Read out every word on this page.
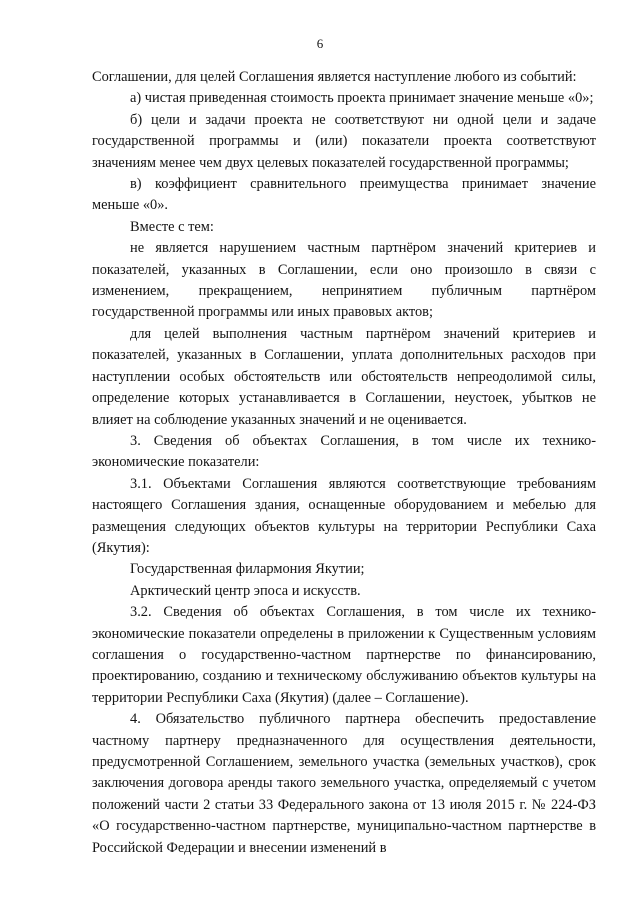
6

Соглашении, для целей Соглашения является наступление любого из событий:

а) чистая приведенная стоимость проекта принимает значение меньше «0»;

б) цели и задачи проекта не соответствуют ни одной цели и задаче государственной программы и (или) показатели проекта соответствуют значениям менее чем двух целевых показателей государственной программы;

в) коэффициент сравнительного преимущества принимает значение меньше «0».

Вместе с тем:

не является нарушением частным партнёром значений критериев и показателей, указанных в Соглашении, если оно произошло в связи с изменением, прекращением, непринятием публичным партнёром государственной программы или иных правовых актов;

для целей выполнения частным партнёром значений критериев и показателей, указанных в Соглашении, уплата дополнительных расходов при наступлении особых обстоятельств или обстоятельств непреодолимой силы, определение которых устанавливается в Соглашении, неустоек, убытков не влияет на соблюдение указанных значений и не оценивается.

3. Сведения об объектах Соглашения, в том числе их технико-экономические показатели:

3.1. Объектами Соглашения являются соответствующие требованиям настоящего Соглашения здания, оснащенные оборудованием и мебелью для размещения следующих объектов культуры на территории Республики Саха (Якутия):

Государственная филармония Якутии;

Арктический центр эпоса и искусств.

3.2. Сведения об объектах Соглашения, в том числе их технико-экономические показатели определены в приложении к Существенным условиям соглашения о государственно-частном партнерстве по финансированию, проектированию, созданию и техническому обслуживанию объектов культуры на территории Республики Саха (Якутия) (далее – Соглашение).

4. Обязательство публичного партнера обеспечить предоставление частному партнеру предназначенного для осуществления деятельности, предусмотренной Соглашением, земельного участка (земельных участков), срок заключения договора аренды такого земельного участка, определяемый с учетом положений части 2 статьи 33 Федерального закона от 13 июля 2015 г. № 224-ФЗ «О государственно-частном партнерстве, муниципально-частном партнерстве в Российской Федерации и внесении изменений в
